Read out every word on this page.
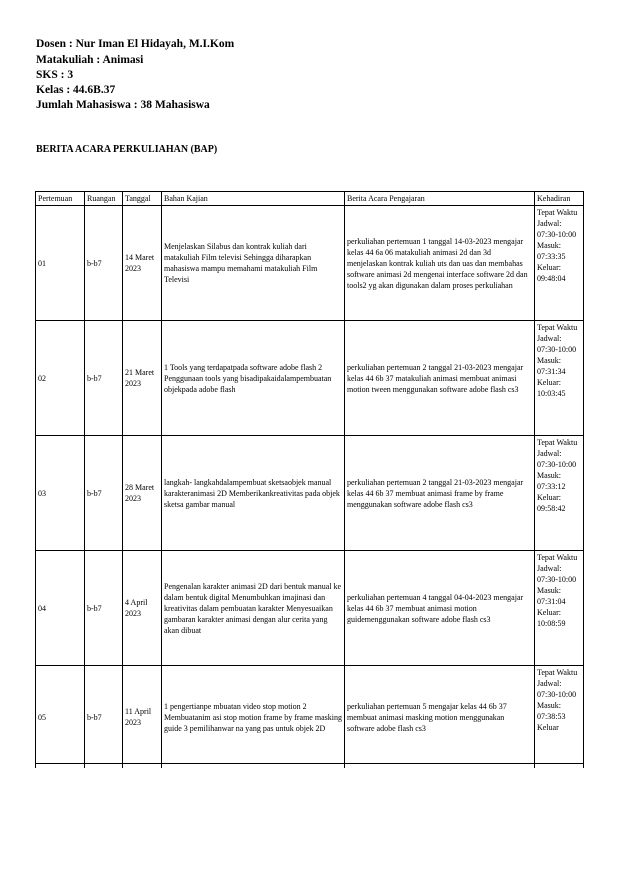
Dosen : Nur Iman El Hidayah, M.I.Kom
Matakuliah : Animasi
SKS : 3
Kelas : 44.6B.37
Jumlah Mahasiswa : 38 Mahasiswa
BERITA ACARA PERKULIAHAN (BAP)
Pertemuan	Ruangan	Tanggal	Bahan Kajian	Berita Acara Pengajaran	Kehadiran
01	b-b7	14 Maret 2023	Menjelaskan Silabus dan kontrak kuliah dari matakuliah Film televisi Sehingga diharapkan mahasiswa mampu memahami matakuliah Film Televisi	perkuliahan pertemuan 1 tanggal 14-03-2023 mengajar kelas 44 6a 06 matakuliah animasi 2d dan 3d menjelaskan kontrak kuliah uts dan uas dan membahas software animasi 2d mengenai interface software 2d dan tools2 yg akan digunakan dalam proses perkuliahan	Tepat Waktu Jadwal: 07:30-10:00 Masuk: 07:33:35 Keluar: 09:48:04
02	b-b7	21 Maret 2023	1 Tools yang terdapatpada software adobe flash 2 Penggunaan tools yang bisadipakaidalampembuatan objekpada adobe flash	perkuliahan pertemuan 2 tanggal 21-03-2023 mengajar kelas 44 6b 37 matakuliah animasi membuat animasi motion tween menggunakan software adobe flash cs3	Tepat Waktu Jadwal: 07:30-10:00 Masuk: 07:31:34 Keluar: 10:03:45
03	b-b7	28 Maret 2023	langkah- langkahdalampembuat sketsaobjek manual karakteranimasi 2D Memberikankreativitas pada objek sketsa gambar manual	perkuliahan pertemuan 2 tanggal 21-03-2023 mengajar kelas 44 6b 37 membuat animasi frame by frame menggunakan software adobe flash cs3	Tepat Waktu Jadwal: 07:30-10:00 Masuk: 07:33:12 Keluar: 09:58:42
04	b-b7	4 April 2023	Pengenalan karakter animasi 2D dari bentuk manual ke dalam bentuk digital Menumbuhkan imajinasi dan kreativitas dalam pembuatan karakter Menyesuaikan gambaran karakter animasi dengan alur cerita yang akan dibuat	perkuliahan pertemuan 4 tanggal 04-04-2023 mengajar kelas 44 6b 37 membuat animasi motion guidemenggunakan software adobe flash cs3	Tepat Waktu Jadwal: 07:30-10:00 Masuk: 07:31:04 Keluar: 10:08:59
05	b-b7	11 April 2023	1 pengertianpe mbuatan video stop motion 2 Membuatanim asi stop motion frame by frame masking guide 3 pemilihanwar na yang pas untuk objek 2D	perkuliahan pertemuan 5 mengajar kelas 44 6b 37 membuat animasi masking motion menggunakan software adobe flash cs3	Tepat Waktu Jadwal: 07:30-10:00 Masuk: 07:38:53 Keluar
